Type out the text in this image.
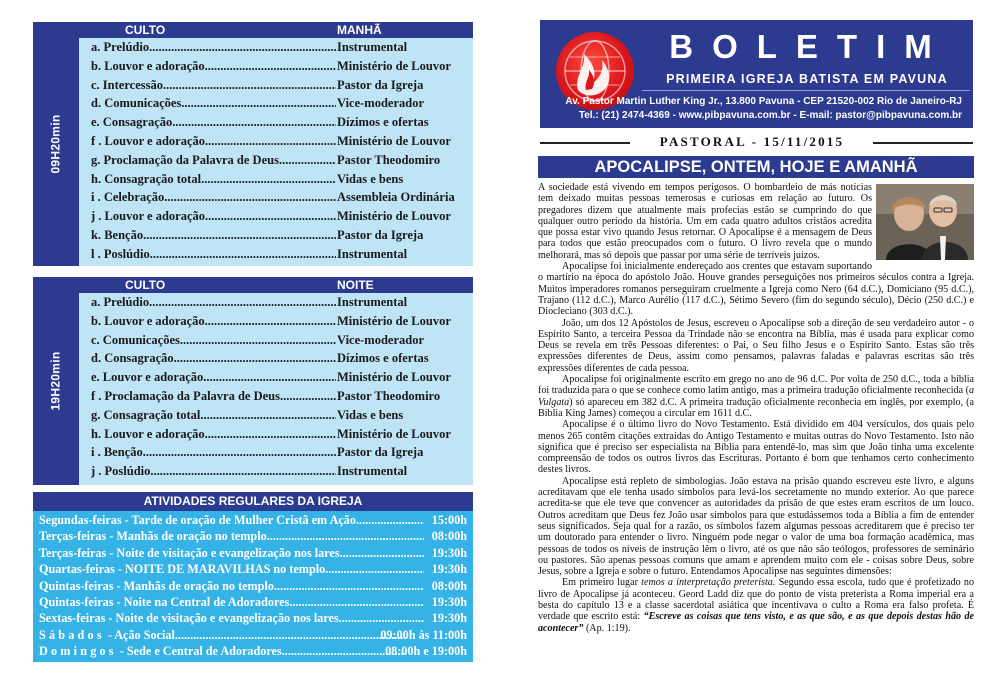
09H20min
CULTO	MANHÃ
a. Prelúdio .....	Instrumental
b. Louvor e adoração .....	Ministério de Louvor
c. Intercessão .....	Pastor da Igreja
d. Comunicações .....	Vice-moderador
e. Consagração .....	Dízimos e ofertas
f . Louvor e adoração .....	Ministério de Louvor
g. Proclamação da Palavra de Deus .....	Pastor Theodomiro
h. Consagração total .....	Vidas e bens
i . Celebração .....	Assembleia Ordinária
j . Louvor e adoração .....	Ministério de Louvor
k. Benção .....	Pastor da Igreja
l . Poslúdio .....	Instrumental
19H20min
CULTO	NOITE
a. Prelúdio .....	Instrumental
b. Louvor e adoração .....	Ministério de Louvor
c. Comunicações .....	Vice-moderador
d. Consagração .....	Dízimos e ofertas
e. Louvor e adoração .....	Ministério de Louvor
f . Proclamação da Palavra de Deus .....	Pastor Theodomiro
g. Consagração total .....	Vidas e bens
h. Louvor e adoração .....	Ministério de Louvor
i . Benção .....	Pastor da Igreja
j . Poslúdio .....	Instrumental
ATIVIDADES REGULARES DA IGREJA
Segundas-feiras - Tarde de oração de Mulher Cristã em Ação .....	15:00h
Terças-feiras - Manhãs de oração no templo .....	08:00h
Terças-feiras - Noite de visitação e evangelização nos lares .....	19:30h
Quartas-feiras - NOITE DE MARAVILHAS no templo .....	19:30h
Quintas-feiras - Manhãs de oração no templo .....	08:00h
Quintas-feiras - Noite na Central de Adoradores .....	19:30h
Sextas-feiras - Noite de visitação e evangelização nos lares .....	19:30h
Sábados - Ação Social .....	09:00h às 11:00h
Domingos - Sede e Central de Adoradores .....	08:00h e 19:00h
BOLETIM
PRIMEIRA IGREJA BATISTA EM PAVUNA
Av. Pastor Martin Luther King Jr., 13.800 Pavuna - CEP 21520-002 Rio de Janeiro-RJ
Tel.: (21) 2474-4369 - www.pibpavuna.com.br - E-mail: pastor@pibpavuna.com.br
PASTORAL - 15/11/2015
APOCALIPSE, ONTEM, HOJE E AMANHÃ

A sociedade está vivendo em tempos perigosos. O bombardeio de más notícias tem deixado muitas pessoas temerosas e curiosas em relação ao futuro. Os pregadores dizem que atualmente mais profecias estão se cumprindo do que qualquer outro período da história. Um em cada quatro adultos cristãos acredita que possa estar vivo quando Jesus retornar. O Apocalipse é a mensagem de Deus para todos que estão preocupados com o futuro. O livro revela que o mundo melhorará, mas só depois que passar por uma série de terríveis juízos.

Apocalipse foi inicialmente endereçado aos crentes que estavam suportando o martírio na época do apóstolo João. Houve grandes perseguições nos primeiros séculos contra a Igreja. Muitos imperadores romanos perseguiram cruelmente a Igreja como Nero (64 d.C.), Domiciano (95 d.C.), Trajano (112 d.C.), Marco Aurélio (117 d.C.), Sétimo Severo (fim do segundo século), Décio (250 d.C.) e Diocleciano (303 d.C.).

João, um dos 12 Apóstolos de Jesus, escreveu o Apocalipse sob a direção de seu verdadeiro autor - o Espírito Santo, a terceira Pessoa da Trindade não se encontra na Bíblia, mas é usada para explicar como Deus se revela em três Pessoas diferentes: o Pai, o Seu filho Jesus e o Espírito Santo. Estas são três expressões diferentes de Deus, assim como pensamos, palavras faladas e palavras escritas são três expressões diferentes de cada pessoa.

Apocalipse foi originalmente escrito em grego no ano de 96 d.C. Por volta de 250 d.C., toda a bíblia foi traduzida para o que se conhece como latim antigo, mas a primeira tradução oficialmente reconhecida (a Vulgata) só apareceu em 382 d.C. A primeira tradução oficialmente reconhecia em inglês, por exemplo, (a Bíblia King James) começou a circular em 1611 d.C.

Apocalipse é o último livro do Novo Testamento. Está dividido em 404 versículos, dos quais pelo menos 265 contêm citações extraídas do Antigo Testamento e muitas outras do Novo Testamento. Isto não significa que é preciso ser especialista na Bíblia para entendê-lo, mas sim que João tinha uma excelente compreensão de todos os outros livros das Escrituras. Portanto é bom que tenhamos certo conhecimento destes livros.

Apocalipse está repleto de simbologias. João estava na prisão quando escreveu este livro, e alguns acreditavam que ele tenha usado símbolos para levá-los secretamente no mundo exterior. Ao que parece acredita-se que ele teve que convencer as autoridades da prisão de que estes eram escritos de um louco. Outros acreditam que Deus fez João usar símbolos para que estudássemos toda a Bíblia a fim de entender seus significados. Seja qual for a razão, os símbolos fazem algumas pessoas acreditarem que é preciso ter um doutorado para entender o livro. Ninguém pode negar o valor de uma boa formação acadêmica, mas pessoas de todos os níveis de instrução lêm o livro, até os que não são teólogos, professores de seminário ou pastores. São apenas pessoas comuns que amam e aprendem muito com ele - coisas sobre Deus, sobre Jesus, sobre a Igreja e sobre o futuro. Entendamos Apocalipse nas seguintes dimensões:

Em primeiro lugar temos a interpretação preterista. Segundo essa escola, tudo que é profetizado no livro de Apocalipse já aconteceu. Geord Ladd diz que do ponto de vista preterista a Roma imperial era a besta do capítulo 13 e a classe sacerdotal asiática que incentivava o culto a Roma era falso profeta. É verdade que escrito está: “Escreve as coisas que tens visto, e as que são, e as que depois destas hão de acontecer” (Ap. 1:19).
